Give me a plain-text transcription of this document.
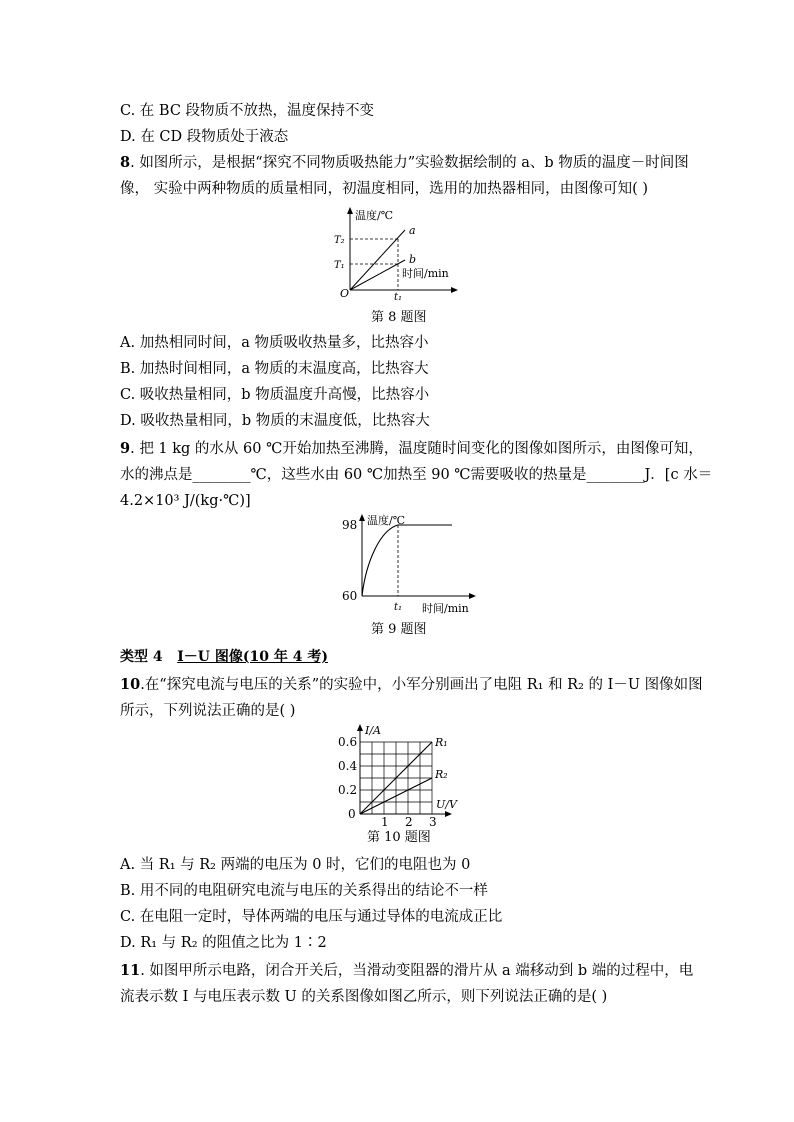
C. 在 BC 段物质不放热，温度保持不变
D. 在 CD 段物质处于液态
8. 如图所示，是根据“探究不同物质吸热能力”实验数据绘制的 a、b 物质的温度－时间图
像， 实验中两种物质的质量相同，初温度相同，选用的加热器相同，由图像可知( )
温度/℃
T₂
T₁
a
b
时间/min
O	t₁
第 8 题图
A. 加热相同时间，a 物质吸收热量多，比热容小
B. 加热时间相同，a 物质的末温度高，比热容大
C. 吸收热量相同，b 物质温度升高慢，比热容小
D. 吸收热量相同，b 物质的末温度低，比热容大
9. 把 1 kg 的水从 60 ℃开始加热至沸腾，温度随时间变化的图像如图所示，由图像可知，
水的沸点是________℃，这些水由 60 ℃加热至 90 ℃需要吸收的热量是________J．[c 水＝
4.2×10³ J/(kg·℃)]
98
60
温度/℃
t₁ 时间/min
第 9 题图
类型 4 I－U 图像(10 年 4 考)
10.在“探究电流与电压的关系”的实验中，小军分别画出了电阻 R₁ 和 R₂ 的 I－U 图像如图
所示，下列说法正确的是( )
I/A
0.6
0.4
0.2
0
1 2 3
U/V
R₁
R₂
第 10 题图
A. 当 R₁ 与 R₂ 两端的电压为 0 时，它们的电阻也为 0
B. 用不同的电阻研究电流与电压的关系得出的结论不一样
C. 在电阻一定时，导体两端的电压与通过导体的电流成正比
D. R₁ 与 R₂ 的阻值之比为 1∶2
11. 如图甲所示电路，闭合开关后，当滑动变阻器的滑片从 a 端移动到 b 端的过程中，电
流表示数 I 与电压表示数 U 的关系图像如图乙所示，则下列说法正确的是( )
